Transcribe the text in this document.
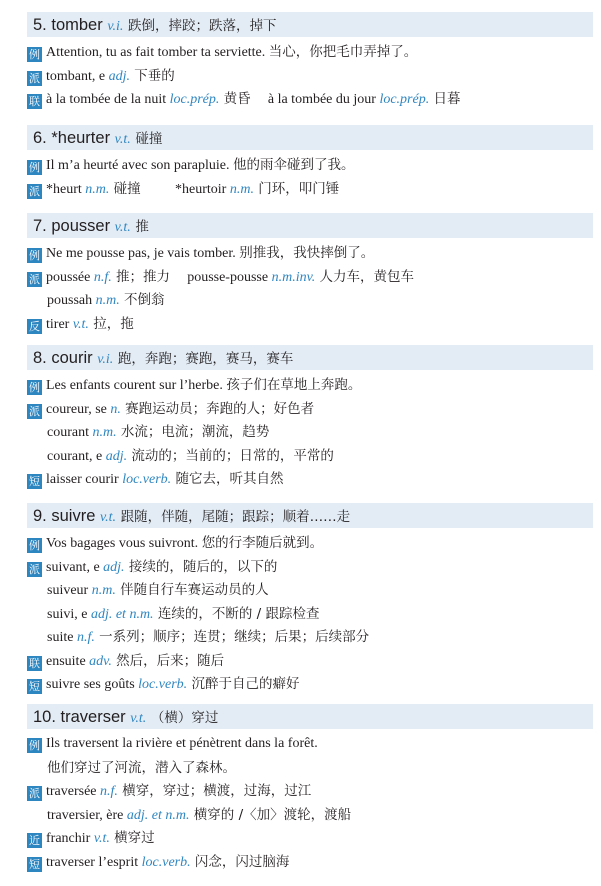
5. tomber v.i. 跌倒，摔跤；跌落，掉下
例 Attention, tu as fait tomber ta serviette. 当心，你把毛巾弄掉了。
派 tombant, e adj. 下垂的
联 à la tombée de la nuit loc.prép. 黄昏    à la tombée du jour loc.prép. 日暮
6. *heurter v.t. 碰撞
例 Il m’a heurté avec son parapluie. 他的雨伞碰到了我。
派 *heurt n.m. 碰撞        *heurtoir n.m. 门环，叩门锤
7. pousser v.t. 推
例 Ne me pousse pas, je vais tomber. 别推我，我快摔倒了。
派 poussée n.f. 推；推力    pousse-pousse n.m.inv. 人力车，黄包车
poussah n.m. 不倒翁
反 tirer v.t. 拉，拖
8. courir v.i. 跑，奔跑；赛跑，赛马，赛车
例 Les enfants courent sur l’herbe. 孩子们在草地上奔跑。
派 coureur, se n. 赛跑运动员；奔跑的人；好色者
courant n.m. 水流；电流；潮流，趋势
courant, e adj. 流动的；当前的；日常的，平常的
短 laisser courir loc.verb. 随它去，听其自然
9. suivre v.t. 跟随，伴随，尾随；跟踪；顺着……走
例 Vos bagages vous suivront. 您的行李随后就到。
派 suivant, e adj. 接续的，随后的，以下的
suiveur n.m. 伴随自行车赛运动员的人
suivi, e adj. et n.m. 连续的，不断的 / 跟踪检查
suite n.f. 一系列；顺序；连贯；继续；后果；后续部分
联 ensuite adv. 然后，后来；随后
短 suivre ses goûts loc.verb. 沉醉于自己的癖好
10. traverser v.t. （横）穿过
例 Ils traversent la rivière et pénètrent dans la forêt.
他们穿过了河流，潜入了森林。
派 traversée n.f. 横穿，穿过；横渡，过海，过江
traversier, ère adj. et n.m. 横穿的 /〈加〉渡轮，渡船
近 franchir v.t. 横穿过
短 traverser l’esprit loc.verb. 闪念，闪过脑海
